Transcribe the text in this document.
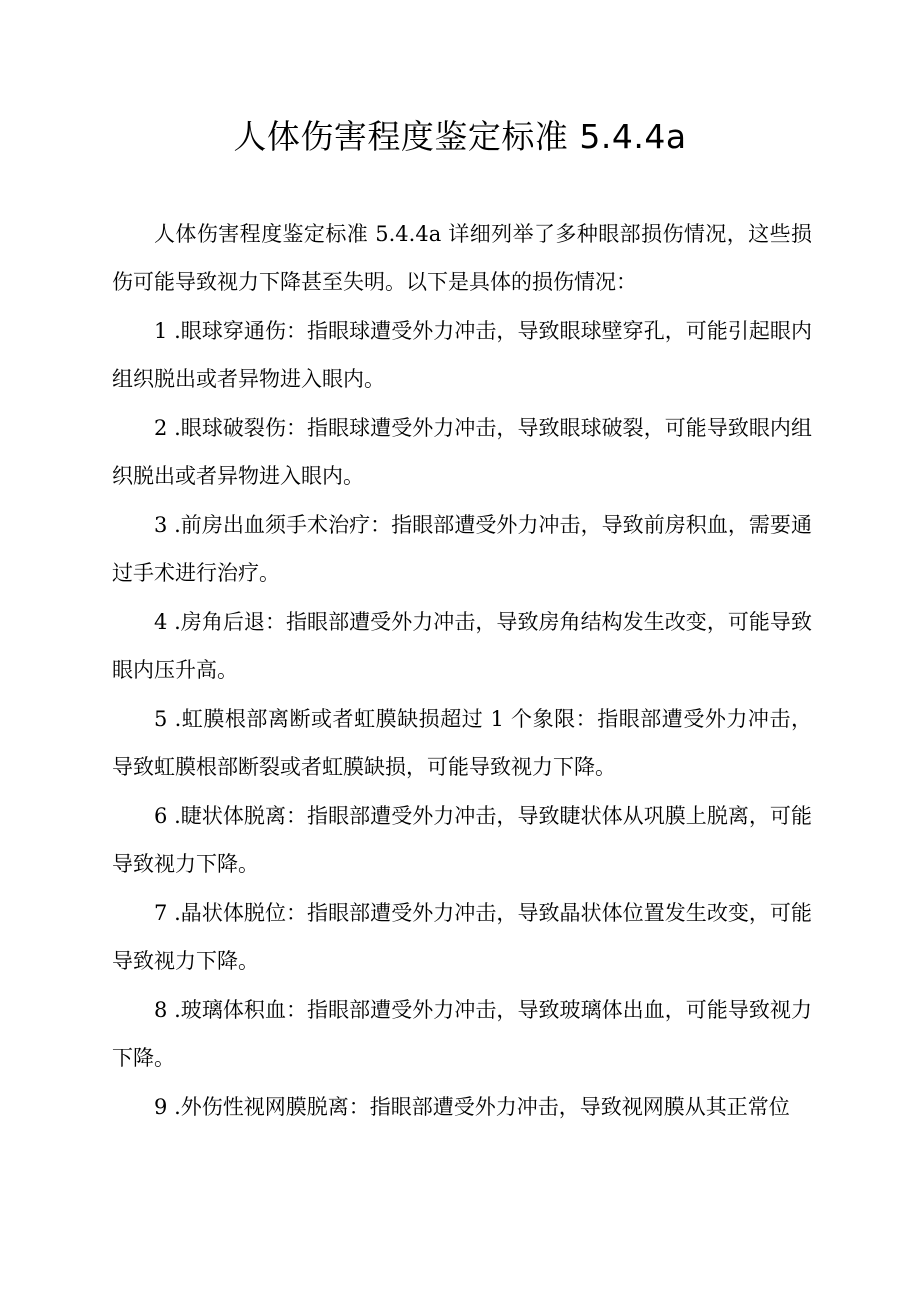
人体伤害程度鉴定标准 5.4.4a

人体伤害程度鉴定标准 5.4.4a 详细列举了多种眼部损伤情况，这些损伤可能导致视力下降甚至失明。以下是具体的损伤情况：

1 .眼球穿通伤：指眼球遭受外力冲击，导致眼球壁穿孔，可能引起眼内组织脱出或者异物进入眼内。

2 .眼球破裂伤：指眼球遭受外力冲击，导致眼球破裂，可能导致眼内组织脱出或者异物进入眼内。

3 .前房出血须手术治疗：指眼部遭受外力冲击，导致前房积血，需要通过手术进行治疗。

4 .房角后退：指眼部遭受外力冲击，导致房角结构发生改变，可能导致眼内压升高。

5 .虹膜根部离断或者虹膜缺损超过 1 个象限：指眼部遭受外力冲击，导致虹膜根部断裂或者虹膜缺损，可能导致视力下降。

6 .睫状体脱离：指眼部遭受外力冲击，导致睫状体从巩膜上脱离，可能导致视力下降。

7 .晶状体脱位：指眼部遭受外力冲击，导致晶状体位置发生改变，可能导致视力下降。

8 .玻璃体积血：指眼部遭受外力冲击，导致玻璃体出血，可能导致视力下降。

9 .外伤性视网膜脱离：指眼部遭受外力冲击，导致视网膜从其正常位
